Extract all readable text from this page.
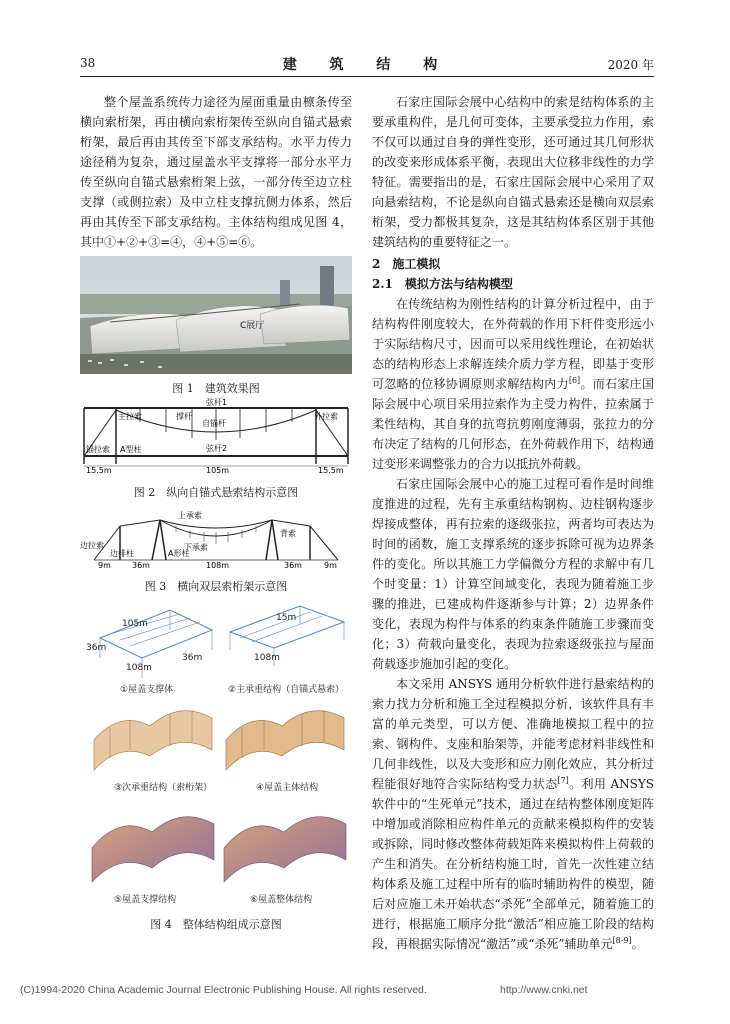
38	建 筑 结 构	2020 年

整个屋盖系统传力途径为屋面重量由檩条传至横向索桁架，再由横向索桁架传至纵向自锚式悬索桁架，最后再由其传至下部支承结构。水平力传力途径稍为复杂，通过屋盖水平支撑将一部分水平力传至纵向自锚式悬索桁架上弦，一部分传至边立柱支撑（或侧拉索）及中立柱支撑抗侧力体系，然后再由其传至下部支承结构。主体结构组成见图 4，其中①+②+③=④，④+⑤=⑥。

C展厅
图 1　建筑效果图
弦杆1
主拉索	撑杆
自锚杆
外拉索
弦杆2
锚拉索 A型柱
15.5m	105m	15.5m
图 2　纵向自锚式悬索结构示意图
上承索
下承索
边拉索
边排柱	A形柱
背索
9m	36m	108m	36m	9m
图 3　横向双层索桁架示意图
36m
105m
108m
36m
①屋盖支撑体
15m
108m
②主承重结构（自锚式悬索）
③次承重结构（索桁架）	④屋盖主体结构
⑤屋盖支撑结构	⑥屋盖整体结构
图 4　整体结构组成示意图

石家庄国际会展中心结构中的索是结构体系的主要承重构件，是几何可变体，主要承受拉力作用，索不仅可以通过自身的弹性变形，还可通过其几何形状的改变来形成体系平衡，表现出大位移非线性的力学特征。需要指出的是，石家庄国际会展中心采用了双向悬索结构，不论是纵向自锚式悬索还是横向双层索桁架，受力都极其复杂，这是其结构体系区别于其他建筑结构的重要特征之一。

2　施工模拟
2.1　模拟方法与结构模型

在传统结构为刚性结构的计算分析过程中，由于结构构件刚度较大，在外荷载的作用下杆件变形远小于实际结构尺寸，因而可以采用线性理论，在初始状态的结构形态上求解连续介质力学方程，即基于变形可忽略的位移协调原则求解结构内力[6]。而石家庄国际会展中心项目采用拉索作为主受力构件，拉索属于柔性结构，其自身的抗弯抗剪刚度薄弱，张拉力的分布决定了结构的几何形态，在外荷载作用下，结构通过变形来调整张力的合力以抵抗外荷载。

石家庄国际会展中心的施工过程可看作是时间维度推进的过程，先有主承重结构钢构、边柱钢构逐步焊接成整体，再有拉索的逐级张拉，两者均可表达为时间的函数，施工支撑系统的逐步拆除可视为边界条件的变化。所以其施工力学偏微分方程的求解中有几个时变量：1）计算空间域变化，表现为随着施工步骤的推进，已建成构件逐渐参与计算；2）边界条件变化，表现为构件与体系的约束条件随施工步骤而变化；3）荷载向量变化，表现为拉索逐级张拉与屋面荷载逐步施加引起的变化。

本文采用 ANSYS 通用分析软件进行悬索结构的索力找力分析和施工全过程模拟分析，该软件具有丰富的单元类型，可以方便、准确地模拟工程中的拉索、钢构件、支座和胎架等，并能考虑材料非线性和几何非线性，以及大变形和应力刚化效应，其分析过程能很好地符合实际结构受力状态[7]。利用 ANSYS 软件中的“生死单元”技术，通过在结构整体刚度矩阵中增加或消除相应构件单元的贡献来模拟构件的安装或拆除，同时修改整体荷载矩阵来模拟构件上荷载的产生和消失。在分析结构施工时，首先一次性建立结构体系及施工过程中所有的临时辅助构件的模型，随后对应施工未开始状态“杀死”全部单元，随着施工的进行，根据施工顺序分批“激活”相应施工阶段的结构段，再根据实际情况“激活”或“杀死”辅助单元[8-9]。

(C)1994-2020 China Academic Journal Electronic Publishing House. All rights reserved.	http://www.cnki.net
